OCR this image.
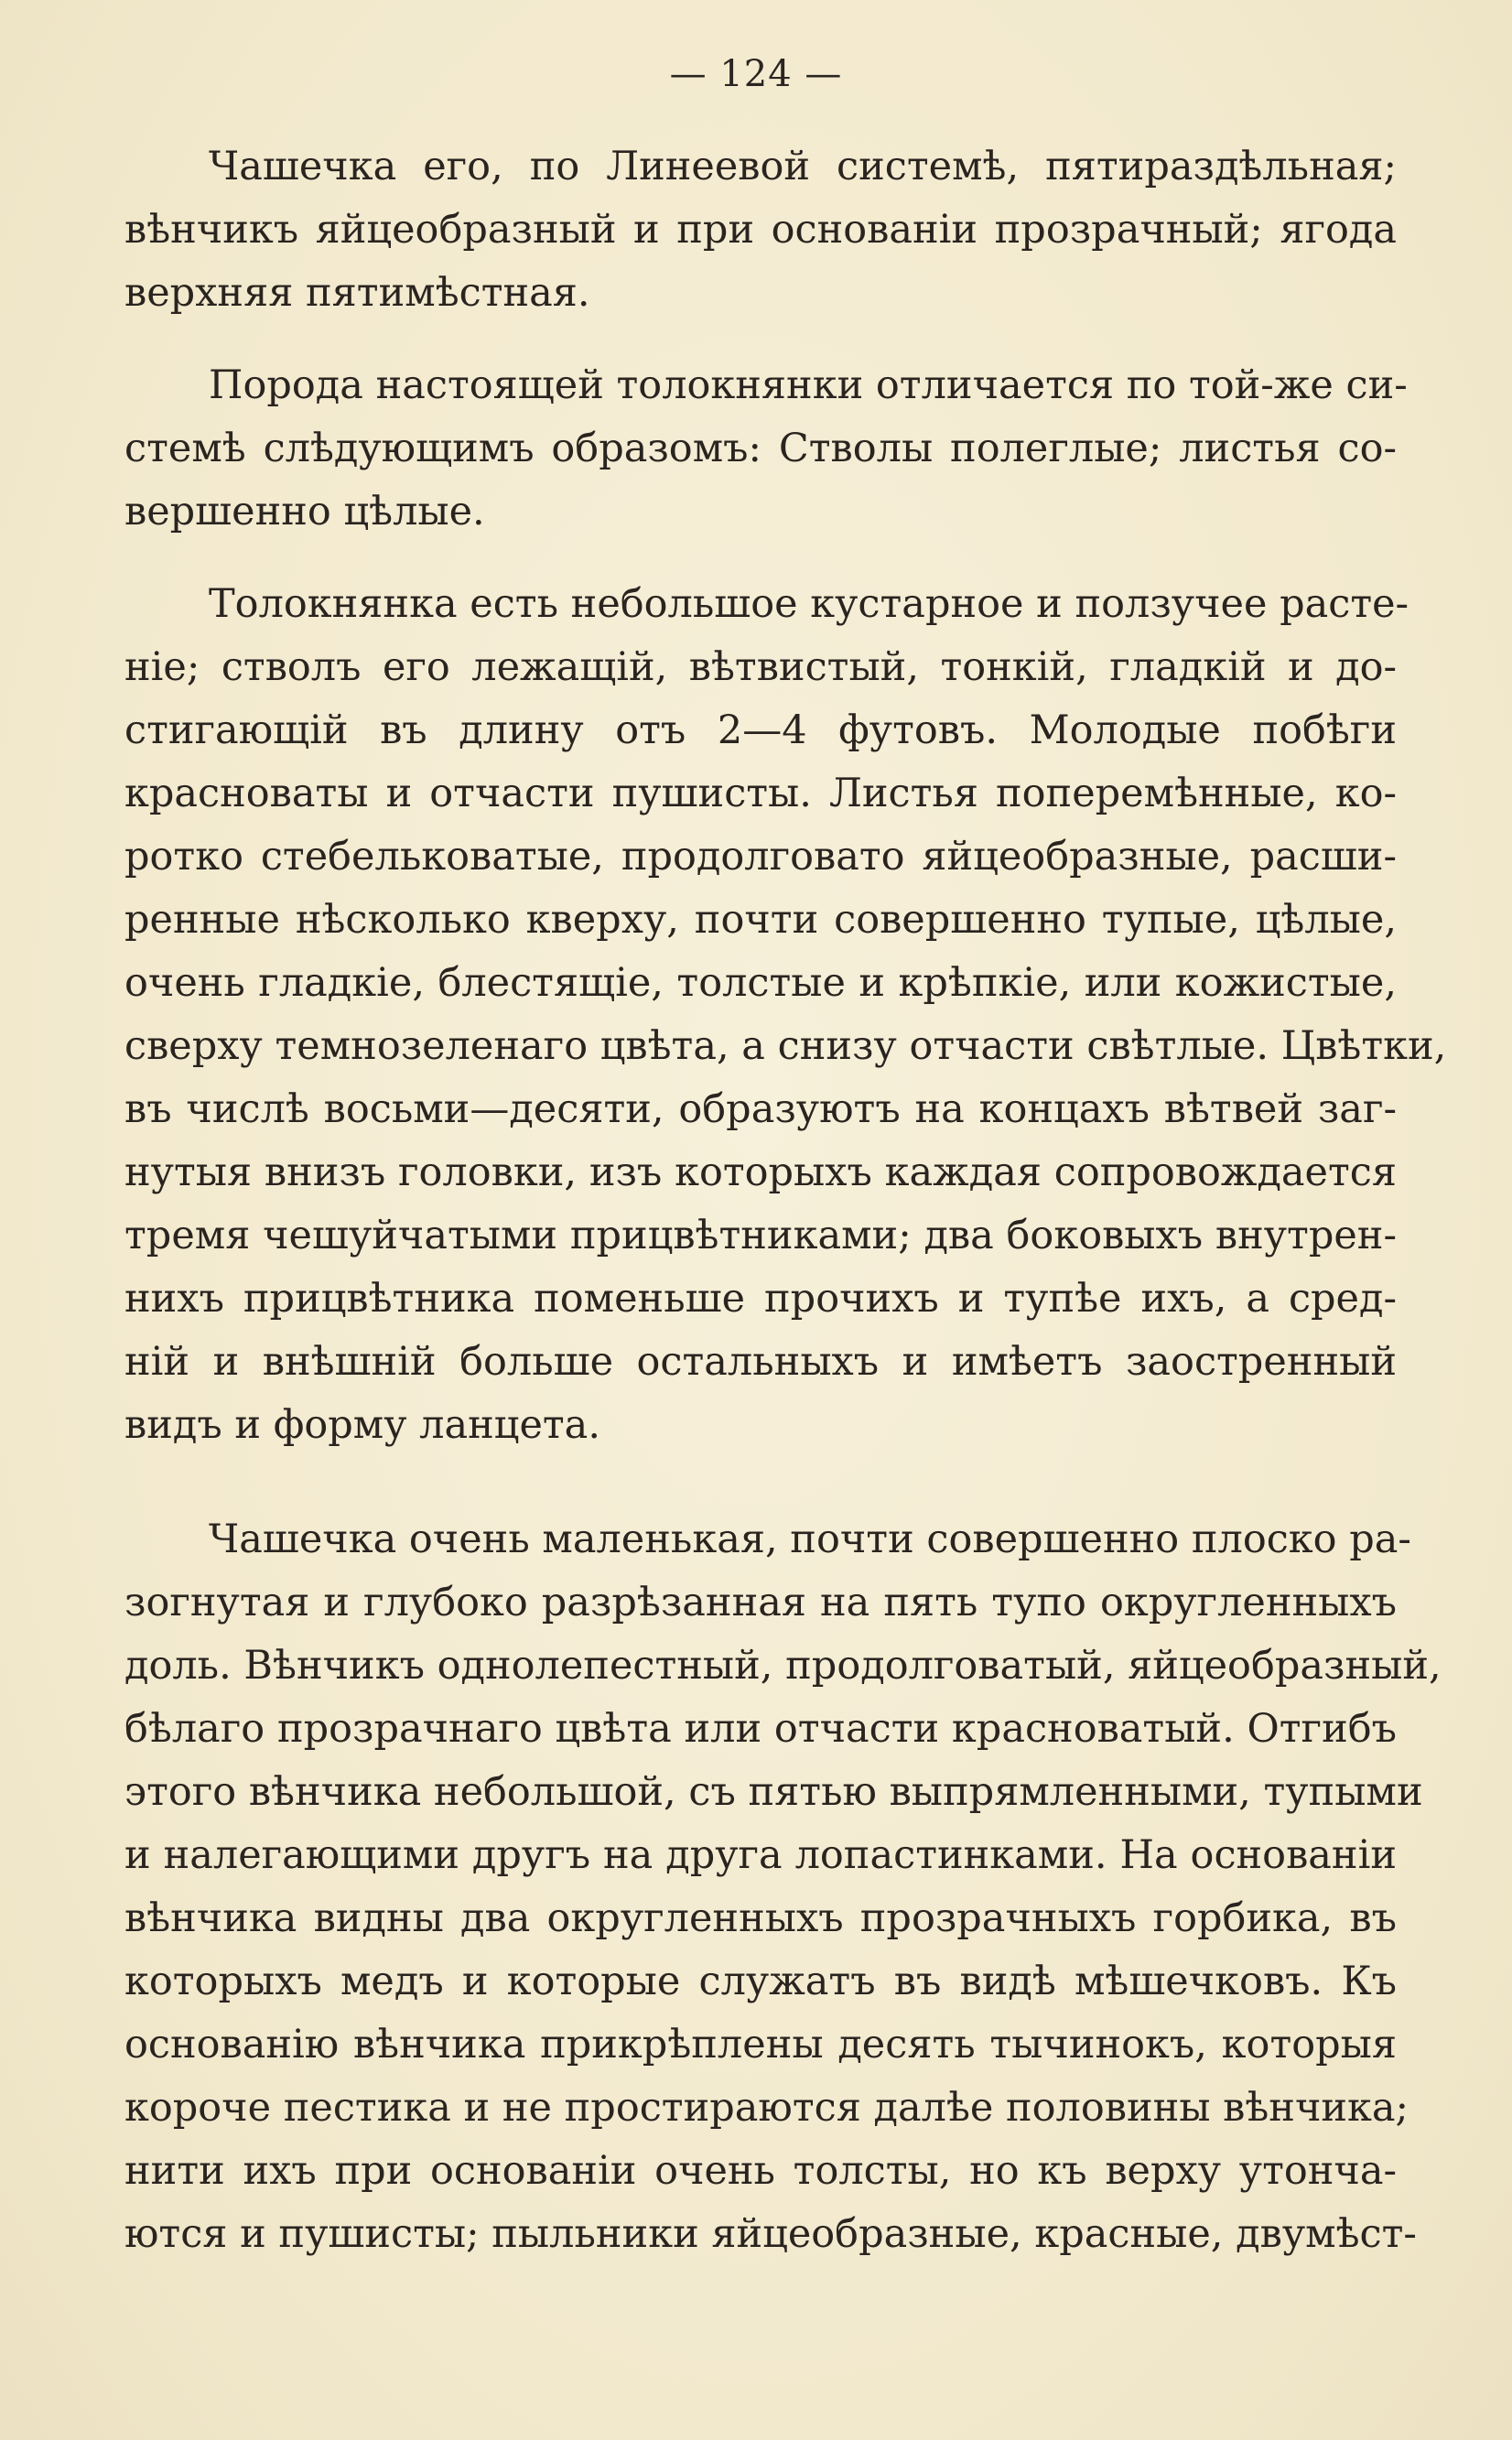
— 124 —
Чашечка его, по Линеевой системѣ, пятираздѣльная;
вѣнчикъ яйцеобразный и при основанiи прозрачный; ягода
верхняя пятимѣстная.
Порода настоящей толокнянки отличается по той-же си-
стемѣ слѣдующимъ образомъ: Стволы полеглые; листья со-
вершенно цѣлые.
Толокнянка есть небольшое кустарное и ползучее расте-
нiе; стволъ его лежащiй, вѣтвистый, тонкiй, гладкiй и до-
стигающiй въ длину отъ 2—4 футовъ. Молодые побѣги
красноваты и отчасти пушисты. Листья поперемѣнные, ко-
ротко стебельковатые, продолговато яйцеобразные, расши-
ренные нѣсколько кверху, почти совершенно тупые, цѣлые,
очень гладкiе, блестящiе, толстые и крѣпкiе, или кожистые,
сверху темнозеленаго цвѣта, а снизу отчасти свѣтлые. Цвѣтки,
въ числѣ восьми—десяти, образуютъ на концахъ вѣтвей заг-
нутыя внизъ головки, изъ которыхъ каждая сопровождается
тремя чешуйчатыми прицвѣтниками; два боковыхъ внутрен-
нихъ прицвѣтника поменьше прочихъ и тупѣе ихъ, а сред-
нiй и внѣшнiй больше остальныхъ и имѣетъ заостренный
видъ и форму ланцета.
Чашечка очень маленькая, почти совершенно плоско ра-
зогнутая и глубоко разрѣзанная на пять тупо округленныхъ
доль. Вѣнчикъ однолепестный, продолговатый, яйцеобразный,
бѣлаго прозрачнаго цвѣта или отчасти красноватый. Отгибъ
этого вѣнчика небольшой, съ пятью выпрямленными, тупыми
и налегающими другъ на друга лопастинками. На основанiи
вѣнчика видны два округленныхъ прозрачныхъ горбика, въ
которыхъ медъ и которые служатъ въ видѣ мѣшечковъ. Къ
основанiю вѣнчика прикрѣплены десять тычинокъ, которыя
короче пестика и не простираются далѣе половины вѣнчика;
нити ихъ при основанiи очень толсты, но къ верху утонча-
ются и пушисты; пыльники яйцеобразные, красные, двумѣст-
